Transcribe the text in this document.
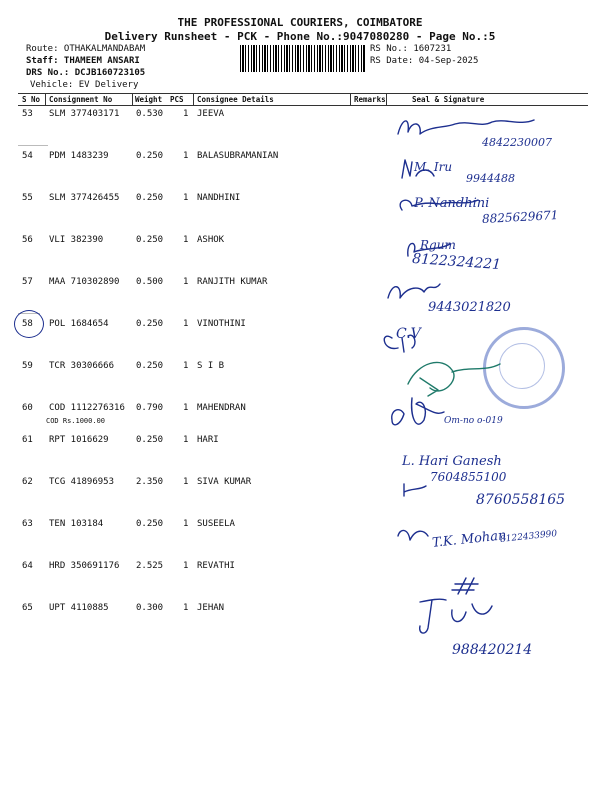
THE PROFESSIONAL COURIERS, COIMBATORE
Delivery Runsheet - PCK - Phone No.:9047080280 - Page No.:5
Route: OTHAKALMANDABAM
Staff: THAMEEM ANSARI
DRS No.: DCJB160723105
Vehicle: EV Delivery
RS No.: 1607231
RS Date: 04-Sep-2025
S No Consignment No	Weight PCS Consignee Details	Remarks	Seal & Signature
53 SLM 377403171 0.530 1 JEEVA
54 PDM 1483239	0.250 1 BALASUBRAMANIAN
55 SLM 377426455 0.250 1 NANDHINI
56 VLI 382390	0.250 1 ASHOK
57 MAA 710302890 0.500 1 RANJITH KUMAR
58 POL 1684654	0.250 1 VINOTHINI
59 TCR 30306666 0.250 1 S I B
60 COD 1112276316 0.790 1 MAHENDRAN
COD Rs.1000.00
61 RPT 1016629	0.250 1 HARI
62 TCG 41896953 2.350 1 SIVA KUMAR
63 TEN 103184	0.250 1 SUSEELA
64 HRD 350691176 2.525 1 REVATHI
65 UPT 4110885	0.300 1 JEHAN
4842230007
M. Iru
9944488
P. Nandhini
8825629671
Rgum
8122324221
9443021820
C.V
Om-no o-019
L. Hari Ganesh
7604855100
8760558165
T.K. Mohan
8122433990
988420214
